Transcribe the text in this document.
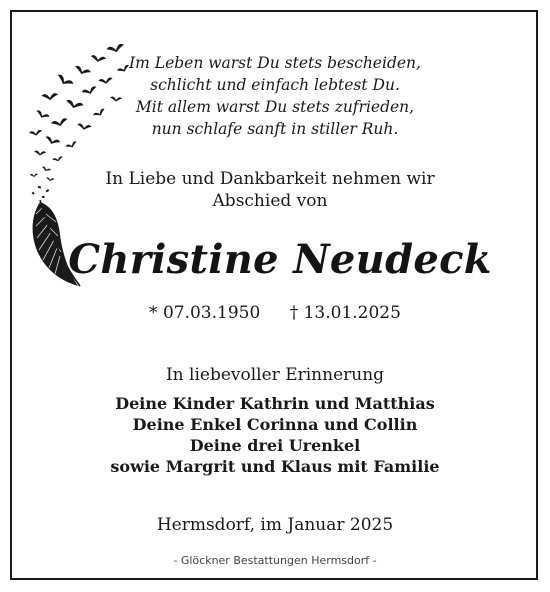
Im Leben warst Du stets bescheiden,
schlicht und einfach lebtest Du.
Mit allem warst Du stets zufrieden,
nun schlafe sanft in stiller Ruh.
In Liebe und Dankbarkeit nehmen wir
Abschied von
Christine Neudeck
* 07.03.1950 † 13.01.2025
In liebevoller Erinnerung
Deine Kinder Kathrin und Matthias
Deine Enkel Corinna und Collin
Deine drei Urenkel
sowie Margrit und Klaus mit Familie
Hermsdorf, im Januar 2025
- Glöckner Bestattungen Hermsdorf -
